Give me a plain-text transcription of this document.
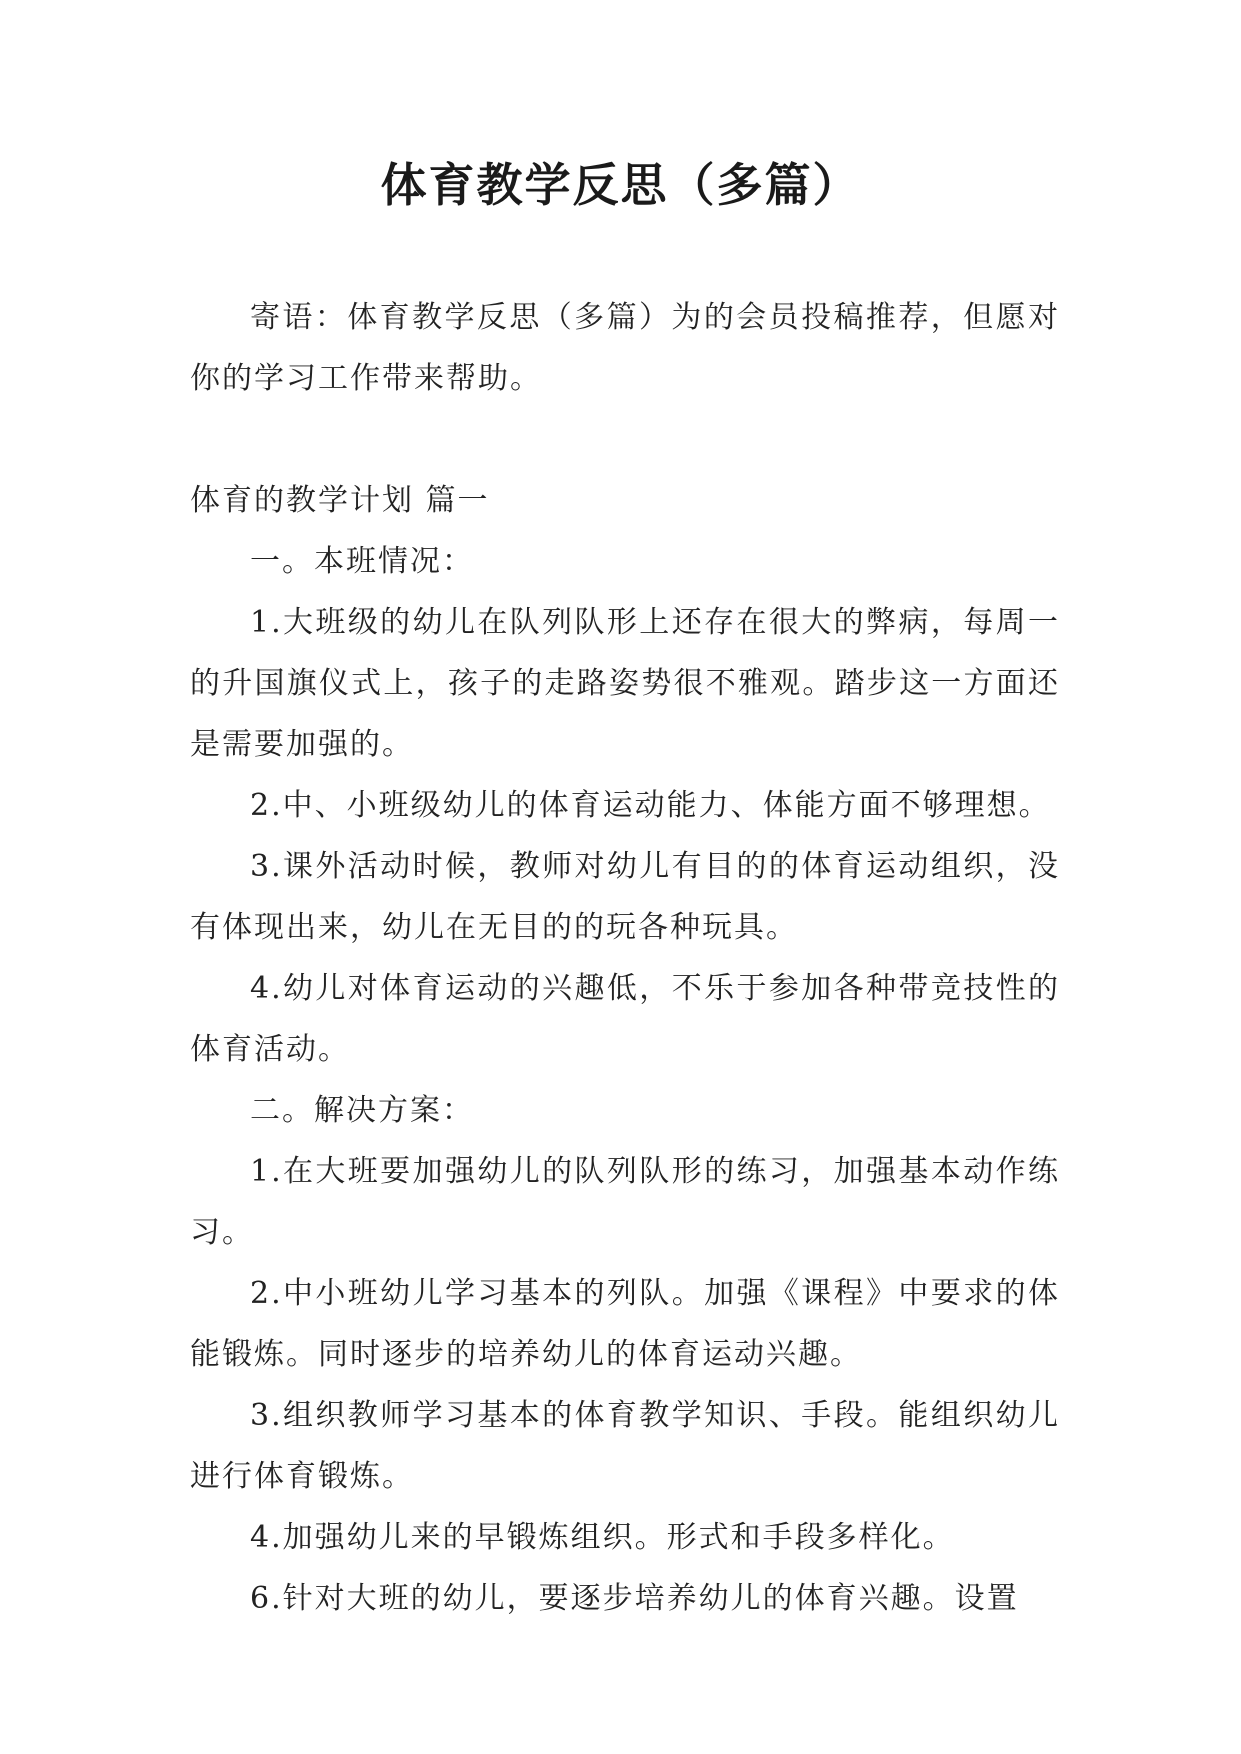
体育教学反思（多篇）

寄语：体育教学反思（多篇）为的会员投稿推荐，但愿对你的学习工作带来帮助。

体育的教学计划 篇一

一。本班情况：

1.大班级的幼儿在队列队形上还存在很大的弊病，每周一的升国旗仪式上，孩子的走路姿势很不雅观。踏步这一方面还是需要加强的。

2.中、小班级幼儿的体育运动能力、体能方面不够理想。

3.课外活动时候，教师对幼儿有目的的体育运动组织，没有体现出来，幼儿在无目的的玩各种玩具。

4.幼儿对体育运动的兴趣低，不乐于参加各种带竞技性的体育活动。

二。解决方案：

1.在大班要加强幼儿的队列队形的练习，加强基本动作练习。

2.中小班幼儿学习基本的列队。加强《课程》中要求的体能锻炼。同时逐步的培养幼儿的体育运动兴趣。

3.组织教师学习基本的体育教学知识、手段。能组织幼儿进行体育锻炼。

4.加强幼儿来的早锻炼组织。形式和手段多样化。

6.针对大班的幼儿，要逐步培养幼儿的体育兴趣。设置
